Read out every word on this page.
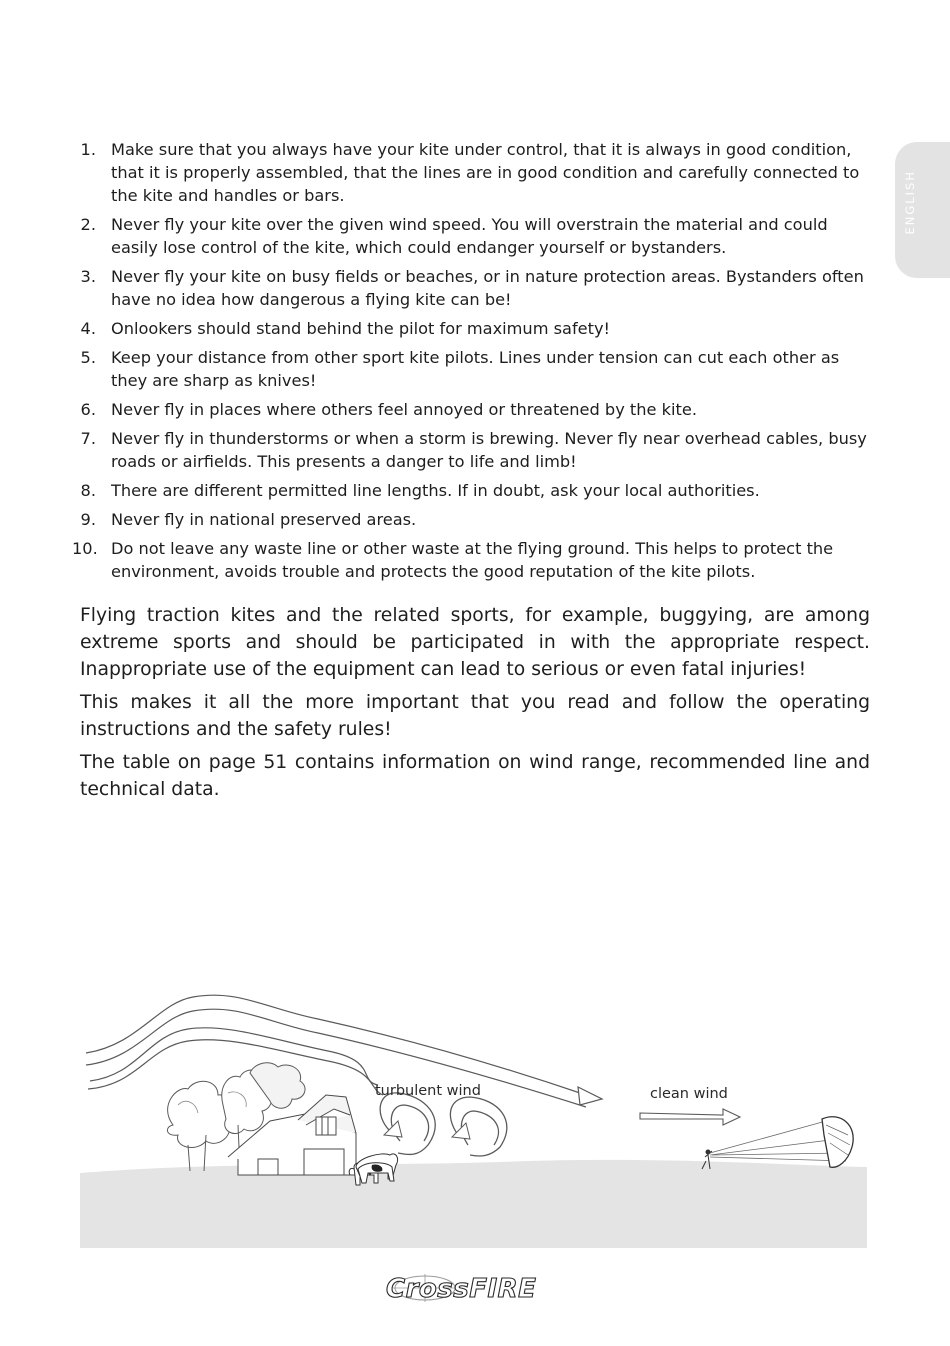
ENGLISH
1. Make sure that you always have your kite under control, that it is always in good condition, that it is properly assembled, that the lines are in good condition and carefully connected to the kite and handles or bars.
2. Never fly your kite over the given wind speed. You will overstrain the material and could easily lose control of the kite, which could endanger yourself or bystanders.
3. Never fly your kite on busy fields or beaches, or in nature protection areas. Bystanders often have no idea how dangerous a flying kite can be!
4. Onlookers should stand behind the pilot for maximum safety!
5. Keep your distance from other sport kite pilots. Lines under tension can cut each other as they are sharp as knives!
6. Never fly in places where others feel annoyed or threatened by the kite.
7. Never fly in thunderstorms or when a storm is brewing. Never fly near overhead cables, busy roads or airfields. This presents a danger to life and limb!
8. There are different permitted line lengths. If in doubt, ask your local authorities.
9. Never fly in national preserved areas.
10. Do not leave any waste line or other waste at the flying ground. This helps to protect the environment, avoids trouble and protects the good reputation of the kite pilots.

Flying traction kites and the related sports, for example, buggying, are among extreme sports and should be participated in with the appropriate respect. Inappropriate use of the equipment can lead to serious or even fatal injuries!

This makes it all the more important that you read and follow the operating instructions and the safety rules!

The table on page 51 contains information on wind range, recommended line and technical data.

turbulent wind	clean wind
CrossFIRE
